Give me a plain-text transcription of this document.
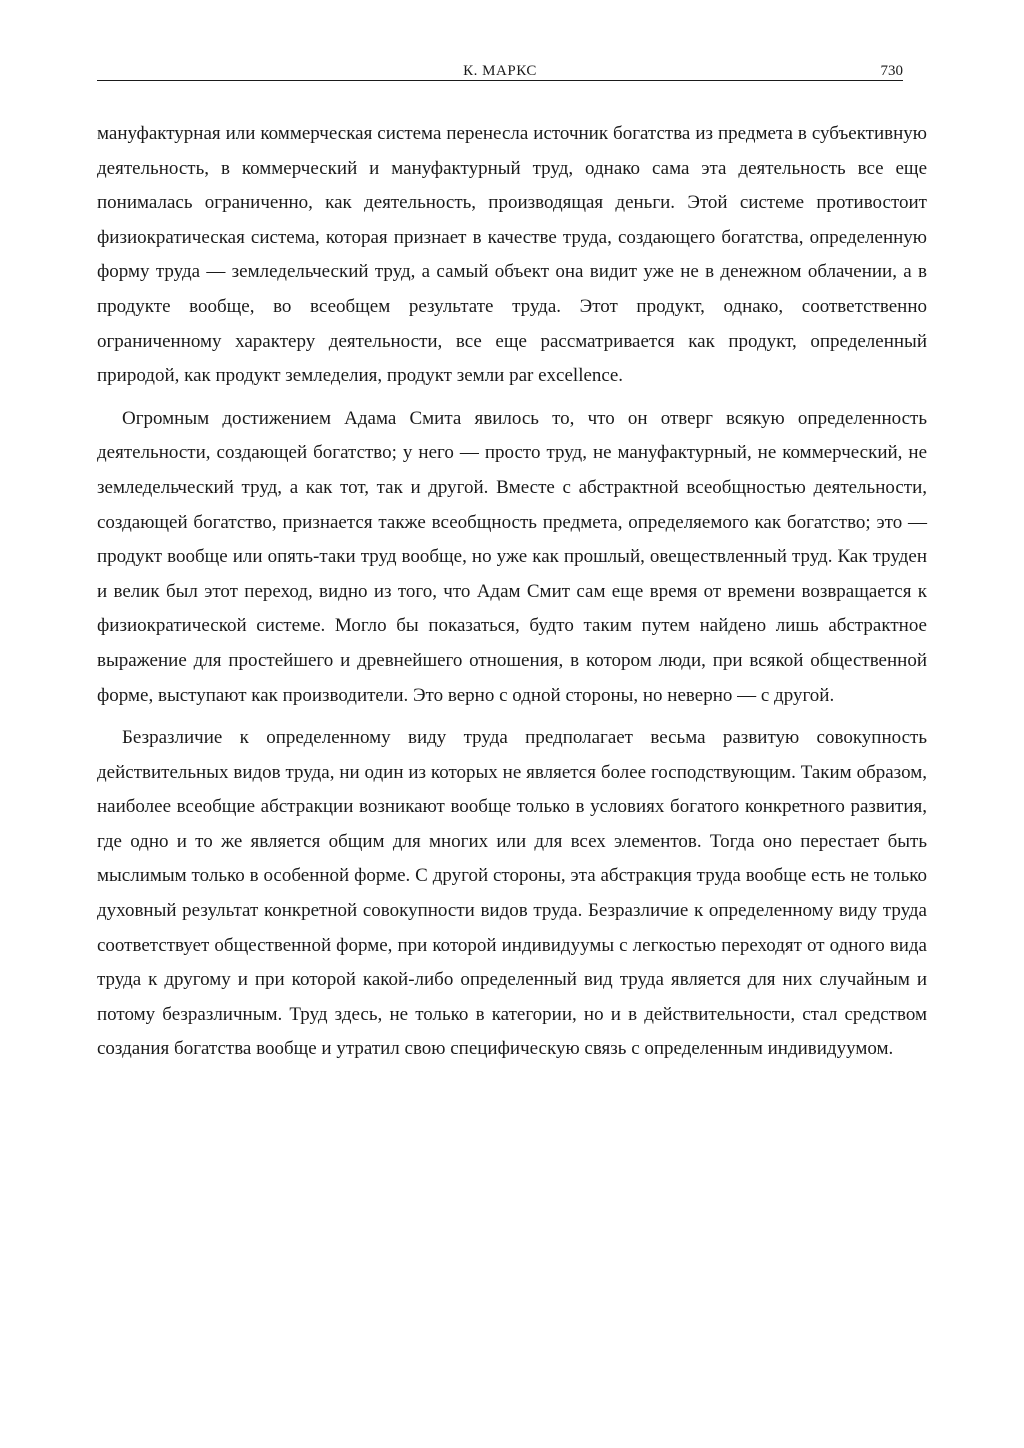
К. МАРКС	730

мануфактурная или коммерческая система перенесла источник богатства из предмета в субъективную деятельность, в коммерческий и мануфактурный труд, однако сама эта деятельность все еще понималась ограниченно, как деятельность, производящая деньги. Этой системе противостоит физиократическая система, которая признает в качестве труда, создающего богатства, определенную форму труда — земледельческий труд, а самый объект она видит уже не в денежном облачении, а в продукте вообще, во всеобщем результате труда. Этот продукт, однако, соответственно ограниченному характеру деятельности, все еще рассматривается как продукт, определенный природой, как продукт земледелия, продукт земли par excellence.

Огромным достижением Адама Смита явилось то, что он отверг всякую определенность деятельности, создающей богатство; у него — просто труд, не мануфактурный, не коммерческий, не земледельческий труд, а как тот, так и другой. Вместе с абстрактной всеобщностью деятельности, создающей богатство, признается также всеобщность предмета, определяемого как богатство; это — продукт вообще или опять-таки труд вообще, но уже как прошлый, овеществленный труд. Как труден и велик был этот переход, видно из того, что Адам Смит сам еще время от времени возвращается к физиократической системе. Могло бы показаться, будто таким путем найдено лишь абстрактное выражение для простейшего и древнейшего отношения, в котором люди, при всякой общественной форме, выступают как производители. Это верно с одной стороны, но неверно — с другой.

Безразличие к определенному виду труда предполагает весьма развитую совокупность действительных видов труда, ни один из которых не является более господствующим. Таким образом, наиболее всеобщие абстракции возникают вообще только в условиях богатого конкретного развития, где одно и то же является общим для многих или для всех элементов. Тогда оно перестает быть мыслимым только в особенной форме. С другой стороны, эта абстракция труда вообще есть не только духовный результат конкретной совокупности видов труда. Безразличие к определенному виду труда соответствует общественной форме, при которой индивидуумы с легкостью переходят от одного вида труда к другому и при которой какой-либо определенный вид труда является для них случайным и потому безразличным. Труд здесь, не только в категории, но и в действительности, стал средством создания богатства вообще и утратил свою специфическую связь с определенным индивидуумом.
